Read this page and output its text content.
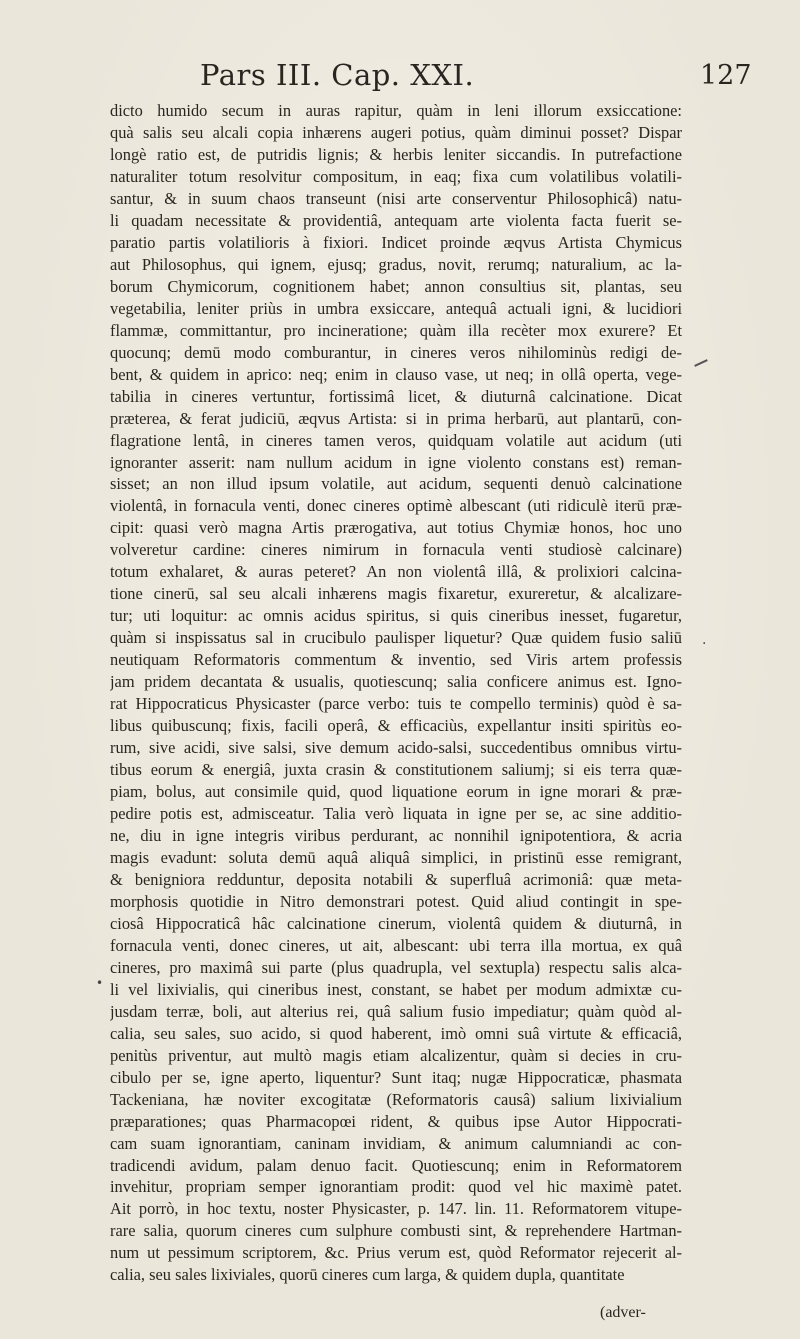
Pars III. Cap. XXI.	127
dicto humido secum in auras rapitur, quàm in leni illorum exsiccatione:
quà salis seu alcali copia inhærens augeri potius, quàm diminui posset? Dispar
longè ratio est, de putridis lignis; & herbis leniter siccandis. In putrefactione
naturaliter totum resolvitur compositum, in eaq; fixa cum volatilibus volatili-
santur, & in suum chaos transeunt (nisi arte conserventur Philosophicâ) natu-
li quadam necessitate & providentiâ, antequam arte violenta facta fuerit se-
paratio partis volatilioris à fixiori. Indicet proinde æqvus Artista Chymicus
aut Philosophus, qui ignem, ejusq; gradus, novit, rerumq; naturalium, ac la-
borum Chymicorum, cognitionem habet; annon consultius sit, plantas, seu
vegetabilia, leniter priùs in umbra exsiccare, antequâ actuali igni, & lucidiori
flammæ, committantur, pro incineratione; quàm illa recèter mox exurere? Et
quocunq; demū modo comburantur, in cineres veros nihilominùs redigi de-
bent, & quidem in aprico: neq; enim in clauso vase, ut neq; in ollâ operta, vege-
tabilia in cineres vertuntur, fortissimâ licet, & diuturnâ calcinatione. Dicat
præterea, & ferat judiciū, æqvus Artista: si in prima herbarū, aut plantarū, con-
flagratione lentâ, in cineres tamen veros, quidquam volatile aut acidum (uti
ignoranter asserit: nam nullum acidum in igne violento constans est) reman-
sisset; an non illud ipsum volatile, aut acidum, sequenti denuò calcinatione
violentâ, in fornacula venti, donec cineres optimè albescant (uti ridiculè iterū præ-
cipit: quasi verò magna Artis prærogativa, aut totius Chymiæ honos, hoc uno
volveretur cardine: cineres nimirum in fornacula venti studiosè calcinare)
totum exhalaret, & auras peteret? An non violentâ illâ, & prolixiori calcina-
tione cinerū, sal seu alcali inhærens magis fixaretur, exureretur, & alcalizare-
tur; uti loquitur: ac omnis acidus spiritus, si quis cineribus inesset, fugaretur,
quàm si inspissatus sal in crucibulo paulisper liquetur? Quæ quidem fusio saliū
neutiquam Reformatoris commentum & inventio, sed Viris artem professis
jam pridem decantata & usualis, quotiescunq; salia conficere animus est. Igno-
rat Hippocraticus Physicaster (parce verbo: tuis te compello terminis) quòd è sa-
libus quibuscunq; fixis, facili operâ, & efficaciùs, expellantur insiti spiritùs eo-
rum, sive acidi, sive salsi, sive demum acido-salsi, succedentibus omnibus virtu-
tibus eorum & energiâ, juxta crasin & constitutionem saliumj; si eis terra quæ-
piam, bolus, aut consimile quid, quod liquatione eorum in igne morari & præ-
pedire potis est, admisceatur. Talia verò liquata in igne per se, ac sine additio-
ne, diu in igne integris viribus perdurant, ac nonnihil ignipotentiora, & acria
magis evadunt: soluta demū aquâ aliquâ simplici, in pristinū esse remigrant,
& benigniora redduntur, deposita notabili & superfluâ acrimoniâ: quæ meta-
morphosis quotidie in Nitro demonstrari potest. Quid aliud contingit in spe-
ciosâ Hippocraticâ hâc calcinatione cinerum, violentâ quidem & diuturnâ, in
fornacula venti, donec cineres, ut ait, albescant: ubi terra illa mortua, ex quâ
cineres, pro maximâ sui parte (plus quadrupla, vel sextupla) respectu salis alca-
li vel lixivialis, qui cineribus inest, constant, se habet per modum admixtæ cu-
jusdam terræ, boli, aut alterius rei, quâ salium fusio impediatur; quàm quòd al-
calia, seu sales, suo acido, si quod haberent, imò omni suâ virtute & efficaciâ,
penitùs priventur, aut multò magis etiam alcalizentur, quàm si decies in cru-
cibulo per se, igne aperto, liquentur? Sunt itaq; nugæ Hippocraticæ, phasmata
Tackeniana, hæ noviter excogitatæ (Reformatoris causâ) salium lixivialium
præparationes; quas Pharmacopœi rident, & quibus ipse Autor Hippocrati-
cam suam ignorantiam, caninam invidiam, & animum calumniandi ac con-
tradicendi avidum, palam denuo facit. Quotiescunq; enim in Reformatorem
invehitur, propriam semper ignorantiam prodit: quod vel hic maximè patet.
Ait porrò, in hoc textu, noster Physicaster, p. 147. lin. 11. Reformatorem vitupe-
rare salia, quorum cineres cum sulphure combusti sint, & reprehendere Hartman-
num ut pessimum scriptorem, &c. Prius verum est, quòd Reformator rejecerit al-
calia, seu sales lixiviales, quorū cineres cum larga, & quidem dupla, quantitate
(adver-
.
•
